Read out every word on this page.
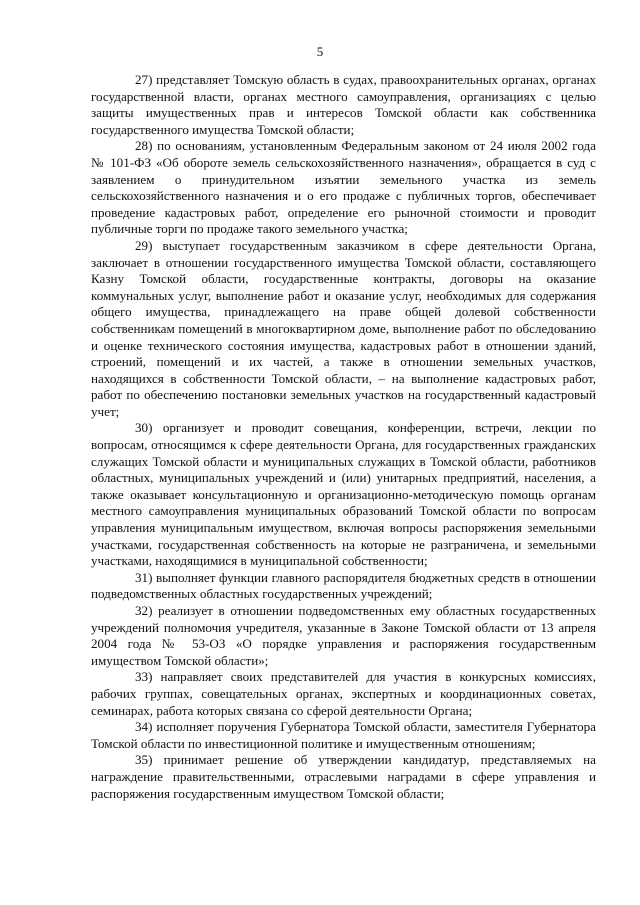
5

27) представляет Томскую область в судах, правоохранительных органах, органах государственной власти, органах местного самоуправления, организациях с целью защиты имущественных прав и интересов Томской области как собственника государственного имущества Томской области;

28) по основаниям, установленным Федеральным законом от 24 июля 2002 года № 101-ФЗ «Об обороте земель сельскохозяйственного назначения», обращается в суд с заявлением о принудительном изъятии земельного участка из земель сельскохозяйственного назначения и о его продаже с публичных торгов, обеспечивает проведение кадастровых работ, определение его рыночной стоимости и проводит публичные торги по продаже такого земельного участка;

29) выступает государственным заказчиком в сфере деятельности Органа, заключает в отношении государственного имущества Томской области, составляющего Казну Томской области, государственные контракты, договоры на оказание коммунальных услуг, выполнение работ и оказание услуг, необходимых для содержания общего имущества, принадлежащего на праве общей долевой собственности собственникам помещений в многоквартирном доме, выполнение работ по обследованию и оценке технического состояния имущества, кадастровых работ в отношении зданий, строений, помещений и их частей, а также в отношении земельных участков, находящихся в собственности Томской области, – на выполнение кадастровых работ, работ по обеспечению постановки земельных участков на государственный кадастровый учет;

30) организует и проводит совещания, конференции, встречи, лекции по вопросам, относящимся к сфере деятельности Органа, для государственных гражданских служащих Томской области и муниципальных служащих в Томской области, работников областных, муниципальных учреждений и (или) унитарных предприятий, населения, а также оказывает консультационную и организационно-методическую помощь органам местного самоуправления муниципальных образований Томской области по вопросам управления муниципальным имуществом, включая вопросы распоряжения земельными участками, государственная собственность на которые не разграничена, и земельными участками, находящимися в муниципальной собственности;

31) выполняет функции главного распорядителя бюджетных средств в отношении подведомственных областных государственных учреждений;

32) реализует в отношении подведомственных ему областных государственных учреждений полномочия учредителя, указанные в Законе Томской области от 13 апреля 2004 года № 53-ОЗ «О порядке управления и распоряжения государственным имуществом Томской области»;

33) направляет своих представителей для участия в конкурсных комиссиях, рабочих группах, совещательных органах, экспертных и координационных советах, семинарах, работа которых связана со сферой деятельности Органа;

34) исполняет поручения Губернатора Томской области, заместителя Губернатора Томской области по инвестиционной политике и имущественным отношениям;

35) принимает решение об утверждении кандидатур, представляемых на награждение правительственными, отраслевыми наградами в сфере управления и распоряжения государственным имуществом Томской области;
